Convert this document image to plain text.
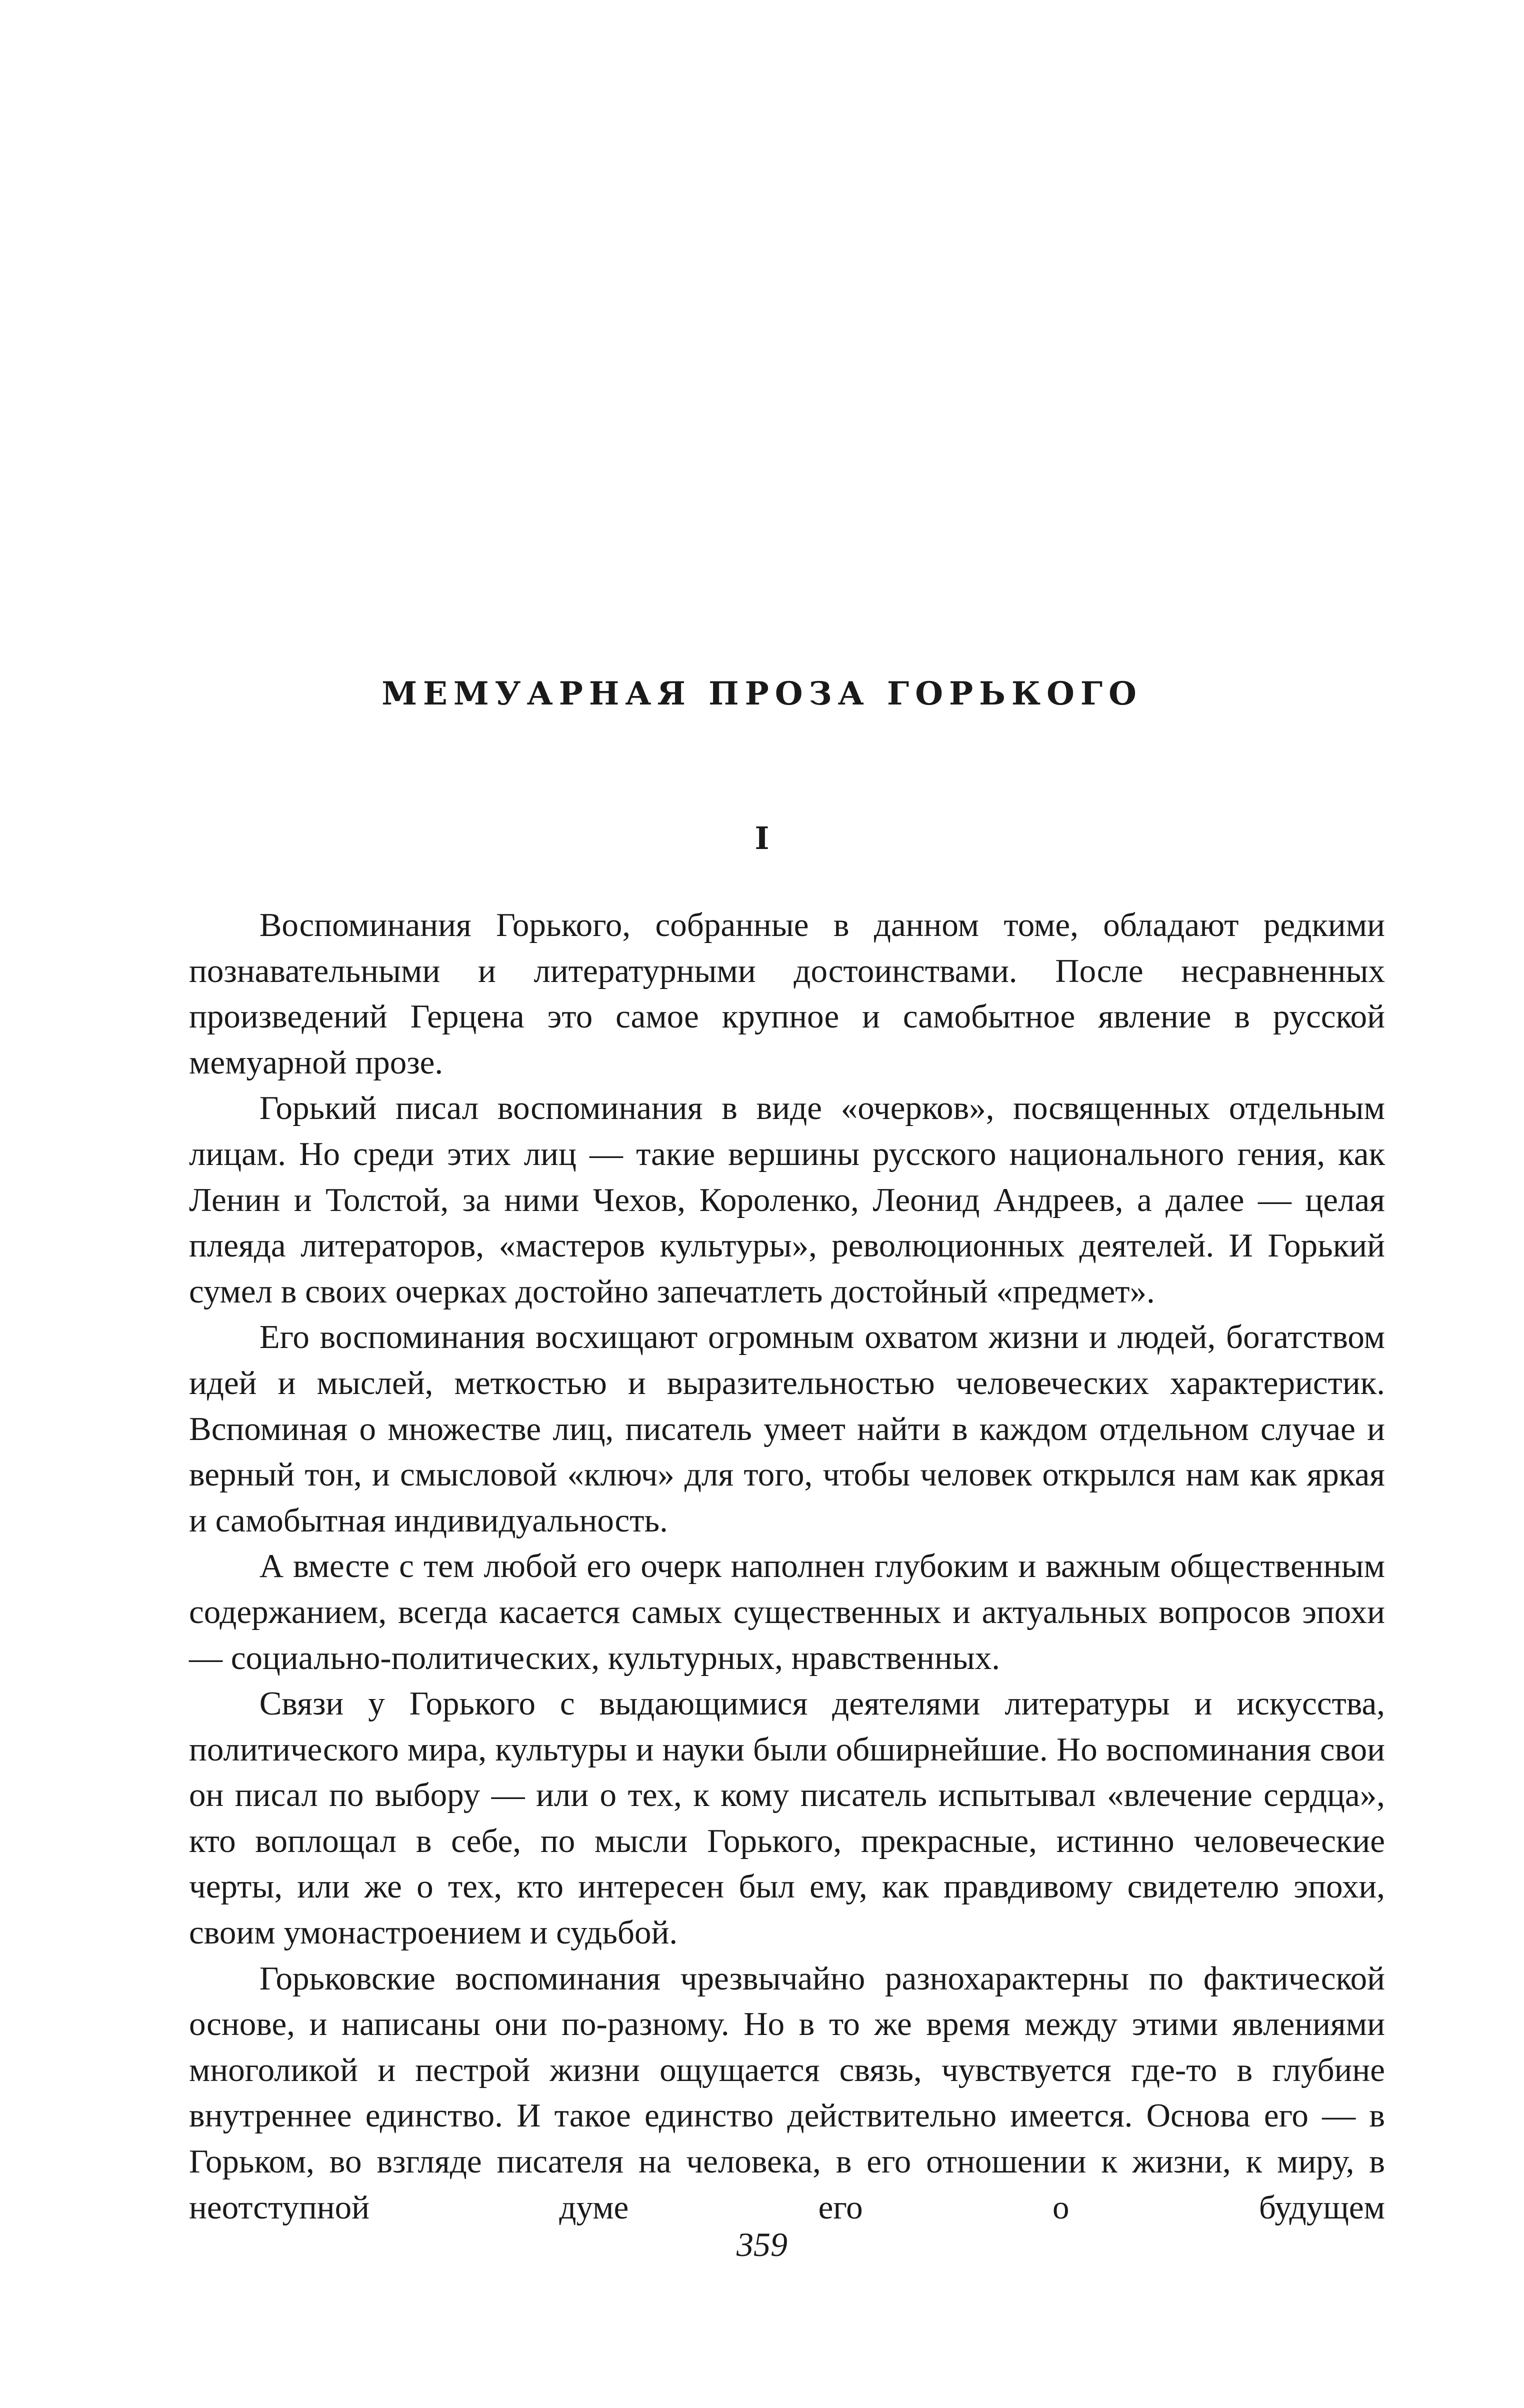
МЕМУАРНАЯ ПРОЗА ГОРЬКОГО
I

Воспоминания Горького, собранные в данном томе, обладают редкими познавательными и литературными достоинствами. После несравненных произведений Герцена это самое крупное и самобытное явление в русской мемуарной прозе.

Горький писал воспоминания в виде «очерков», посвященных отдельным лицам. Но среди этих лиц — такие вершины русского национального гения, как Ленин и Толстой, за ними Чехов, Короленко, Леонид Андреев, а далее — целая плеяда литераторов, «мастеров культуры», революционных деятелей. И Горький сумел в своих очерках достойно запечатлеть достойный «предмет».

Его воспоминания восхищают огромным охватом жизни и людей, богатством идей и мыслей, меткостью и выразительностью человеческих характеристик. Вспоминая о множестве лиц, писатель умеет найти в каждом отдельном случае и верный тон, и смысловой «ключ» для того, чтобы человек открылся нам как яркая и самобытная индивидуальность.

А вместе с тем любой его очерк наполнен глубоким и важным общественным содержанием, всегда касается самых существенных и актуальных вопросов эпохи — социально-политических, культурных, нравственных.

Связи у Горького с выдающимися деятелями литературы и искусства, политического мира, культуры и науки были обширнейшие. Но воспоминания свои он писал по выбору — или о тех, к кому писатель испытывал «влечение сердца», кто воплощал в себе, по мысли Горького, прекрасные, истинно человеческие черты, или же о тех, кто интересен был ему, как правдивому свидетелю эпохи, своим умонастроением и судьбой.

Горьковские воспоминания чрезвычайно разнохарактерны по фактической основе, и написаны они по-разному. Но в то же время между этими явлениями многоликой и пестрой жизни ощущается связь, чувствуется где-то в глубине внутреннее единство. И такое единство действительно имеется. Основа его — в Горьком, во взгляде писателя на человека, в его отношении к жизни, к миру, в неотступной думе его о будущем

359
